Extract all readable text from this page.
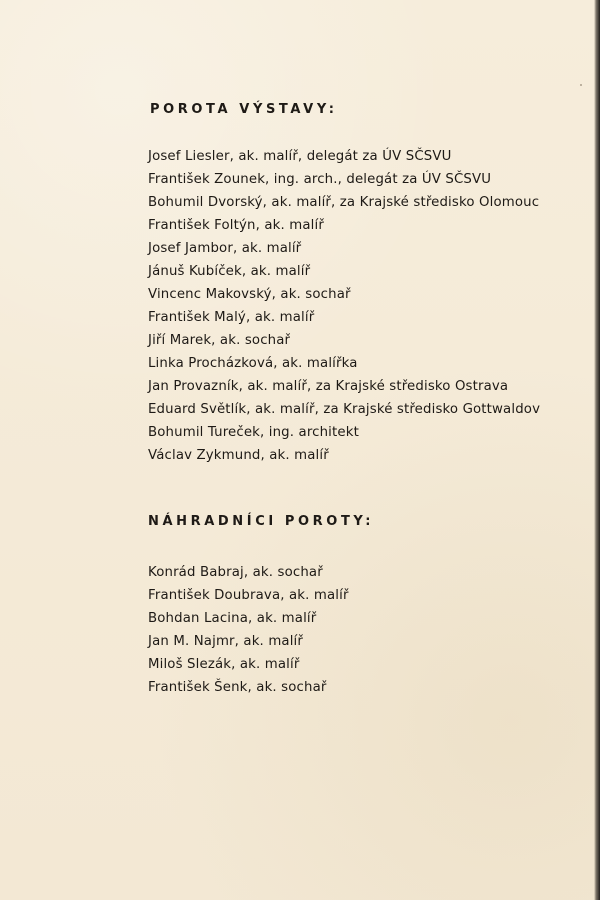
POROTA VÝSTAVY:
Josef Liesler, ak. malíř, delegát za ÚV SČSVU
František Zounek, ing. arch., delegát za ÚV SČSVU
Bohumil Dvorský, ak. malíř, za Krajské středisko Olomouc
František Foltýn, ak. malíř
Josef Jambor, ak. malíř
Jánuš Kubíček, ak. malíř
Vincenc Makovský, ak. sochař
František Malý, ak. malíř
Jiří Marek, ak. sochař
Linka Procházková, ak. malířka
Jan Provazník, ak. malíř, za Krajské středisko Ostrava
Eduard Světlík, ak. malíř, za Krajské středisko Gottwaldov
Bohumil Tureček, ing. architekt
Václav Zykmund, ak. malíř
NÁHRADNÍCI POROTY:
Konrád Babraj, ak. sochař
František Doubrava, ak. malíř
Bohdan Lacina, ak. malíř
Jan M. Najmr, ak. malíř
Miloš Slezák, ak. malíř
František Šenk, ak. sochař
